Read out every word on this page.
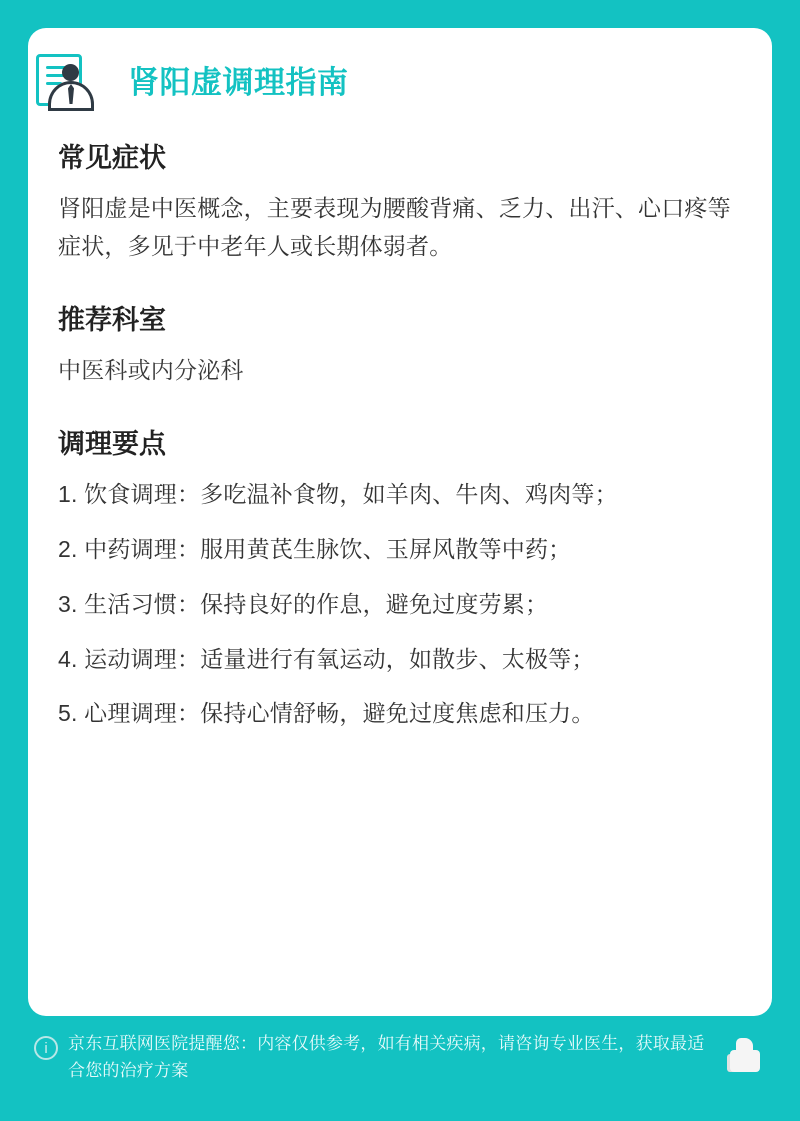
肾阳虚调理指南
常见症状

肾阳虚是中医概念，主要表现为腰酸背痛、乏力、出汗、心口疼等症状，多见于中老年人或长期体弱者。

推荐科室

中医科或内分泌科

调理要点
1. 饮食调理：多吃温补食物，如羊肉、牛肉、鸡肉等；
2. 中药调理：服用黄芪生脉饮、玉屏风散等中药；
3. 生活习惯：保持良好的作息，避免过度劳累；
4. 运动调理：适量进行有氧运动，如散步、太极等；
5. 心理调理：保持心情舒畅，避免过度焦虑和压力。
i	京东互联网医院提醒您：内容仅供参考，如有相关疾病，请咨询专业医生，获取最适合您的治疗方案
